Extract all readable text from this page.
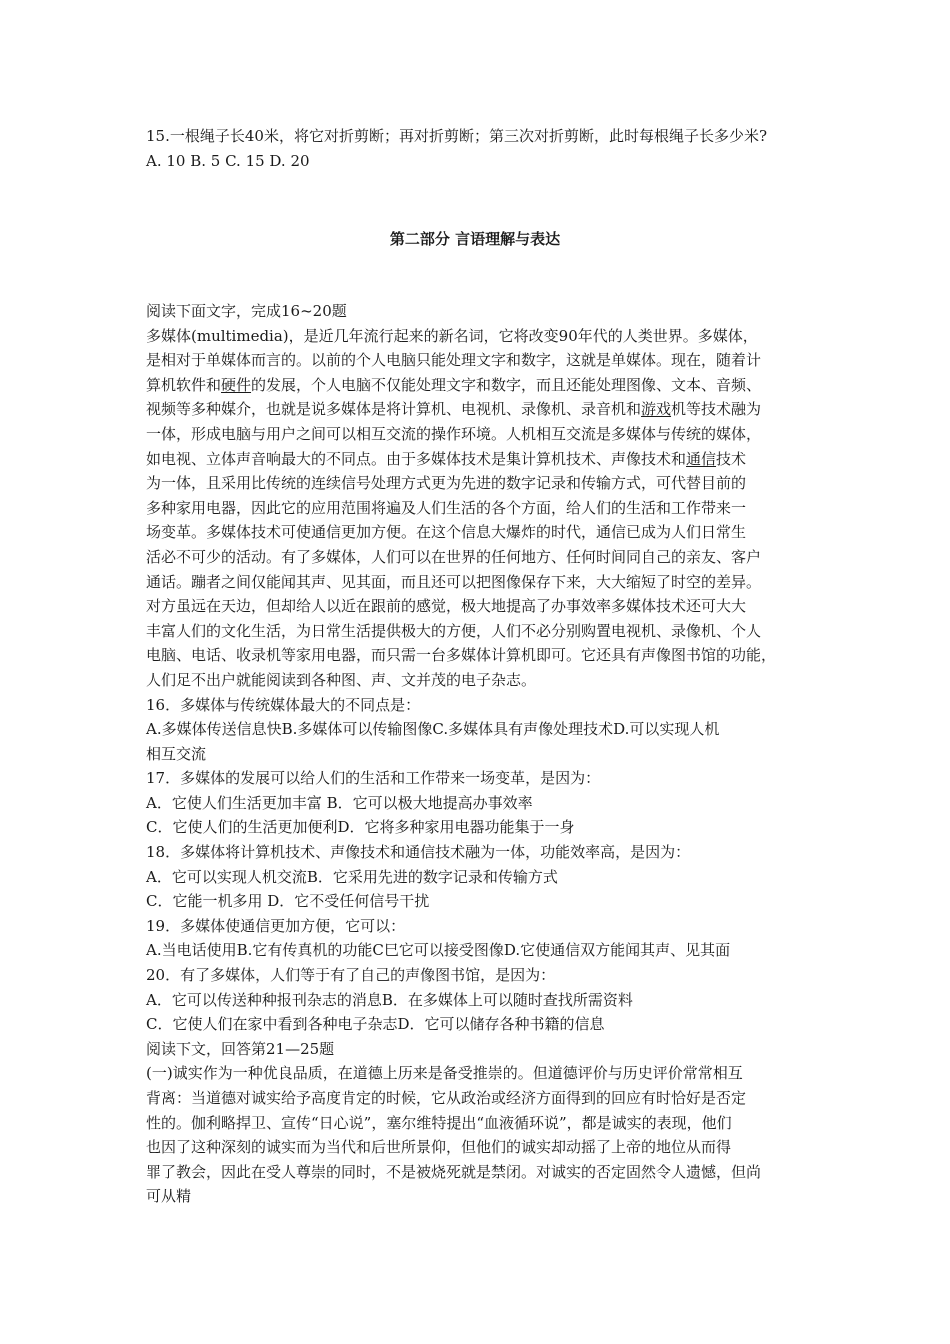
15.一根绳子长40米，将它对折剪断；再对折剪断；第三次对折剪断，此时每根绳子长多少米?
A. 10 B. 5 C. 15 D. 20
第二部分 言语理解与表达
阅读下面文字，完成16~20题
多媒体(multimedia)，是近几年流行起来的新名词，它将改变90年代的人类世界。多媒体，
是相对于单媒体而言的。以前的个人电脑只能处理文字和数字，这就是单媒体。现在，随着计
算机软件和硬件的发展，个人电脑不仅能处理文字和数字，而且还能处理图像、文本、音频、
视频等多种媒介，也就是说多媒体是将计算机、电视机、录像机、录音机和游戏机等技术融为
一体，形成电脑与用户之间可以相互交流的操作环境。人机相互交流是多媒体与传统的媒体，
如电视、立体声音响最大的不同点。由于多媒体技术是集计算机技术、声像技术和通信技术
为一体，且采用比传统的连续信号处理方式更为先进的数字记录和传输方式，可代替目前的
多种家用电器，因此它的应用范围将遍及人们生活的各个方面，给人们的生活和工作带来一
场变革。多媒体技术可使通信更加方便。在这个信息大爆炸的时代，通信已成为人们日常生
活必不可少的活动。有了多媒体，人们可以在世界的任何地方、任何时间同自己的亲友、客户
通话。蹦者之间仅能闻其声、见其面，而且还可以把图像保存下来，大大缩短了时空的差异。
对方虽远在天边，但却给人以近在跟前的感觉，极大地提高了办事效率多媒体技术还可大大
丰富人们的文化生活，为日常生活提供极大的方便，人们不必分别购置电视机、录像机、个人
电脑、电话、收录机等家用电器，而只需一台多媒体计算机即可。它还具有声像图书馆的功能，
人们足不出户就能阅读到各种图、声、文并茂的电子杂志。
16．多媒体与传统媒体最大的不同点是：
A.多媒体传送信息快B.多媒体可以传输图像C.多媒体具有声像处理技术D.可以实现人机
相互交流
17．多媒体的发展可以给人们的生活和工作带来一场变革，是因为：
A．它使人们生活更加丰富 B．它可以极大地提高办事效率
C．它使人们的生活更加便利D．它将多种家用电器功能集于一身
18．多媒体将计算机技术、声像技术和通信技术融为一体，功能效率高，是因为：
A．它可以实现人机交流B．它采用先进的数字记录和传输方式
C．它能一机多用 D．它不受任何信号干扰
19．多媒体使通信更加方便，它可以：
A.当电话使用B.它有传真机的功能C巳它可以接受图像D.它使通信双方能闻其声、见其面
20．有了多媒体，人们等于有了自己的声像图书馆，是因为：
A．它可以传送种种报刊杂志的消息B．在多媒体上可以随时查找所需资料
C．它使人们在家中看到各种电子杂志D．它可以储存各种书籍的信息
阅读下文，回答第21—25题
(一)诚实作为一种优良品质，在道德上历来是备受推崇的。但道德评价与历史评价常常相互
背离：当道德对诚实给予高度肯定的时候，它从政治或经济方面得到的回应有时恰好是否定
性的。伽利略捍卫、宣传“日心说”，塞尔维特提出“血液循环说”，都是诚实的表现，他们
也因了这种深刻的诚实而为当代和后世所景仰，但他们的诚实却动摇了上帝的地位从而得
罪了教会，因此在受人尊崇的同时，不是被烧死就是禁闭。对诚实的否定固然令人遗憾，但尚
可从精
